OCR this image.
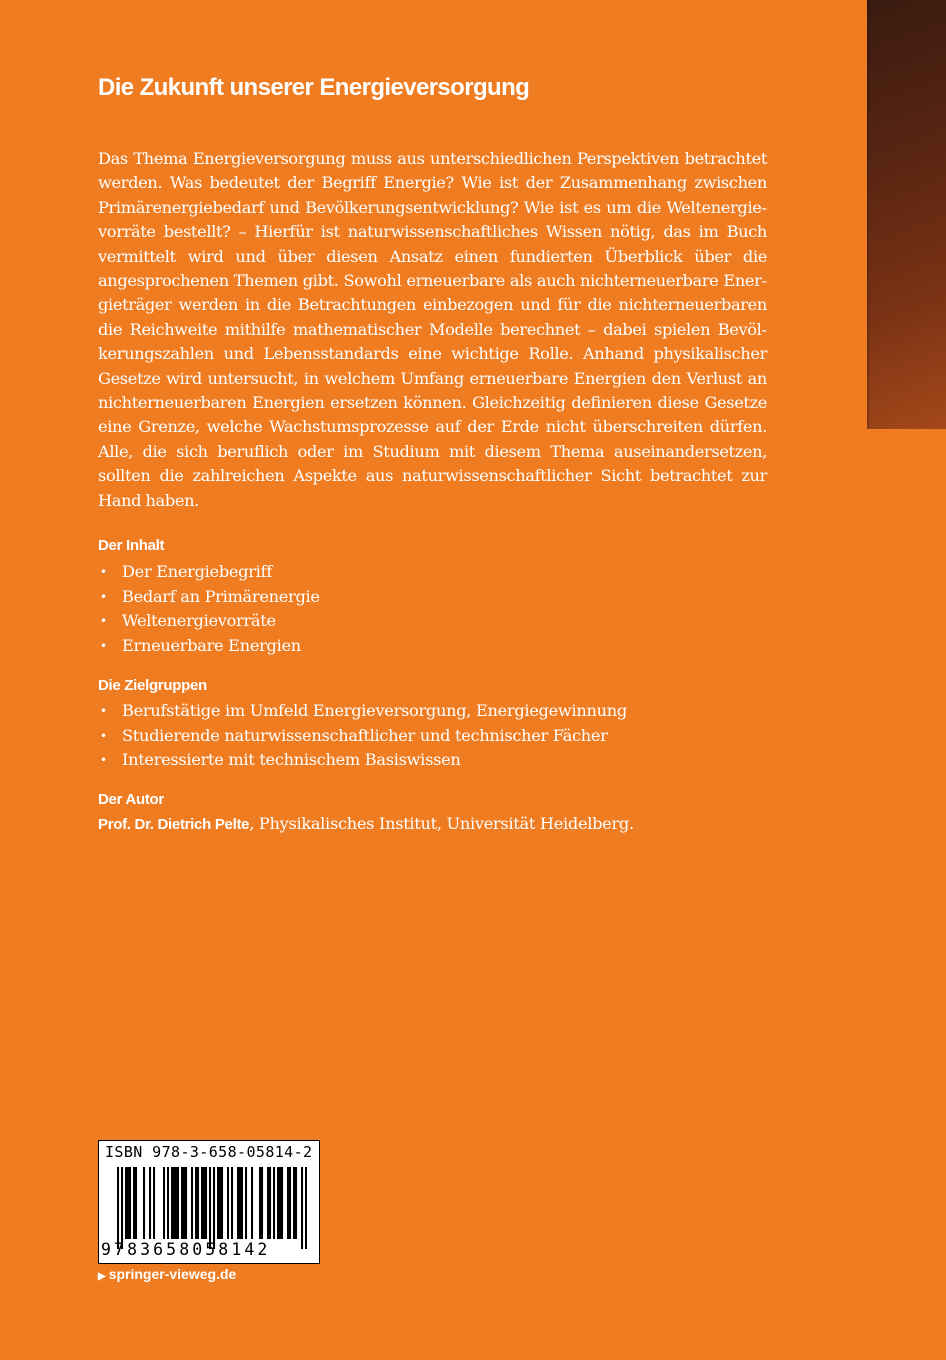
Die Zukunft unserer Energieversorgung

Das Thema Energieversorgung muss aus unterschiedlichen Perspektiven betrachtet werden. Was bedeutet der Begriff Energie? Wie ist der Zusammenhang zwischen Primärenergiebedarf und Bevölkerungsentwicklung? Wie ist es um die Weltenergievorräte bestellt? – Hierfür ist naturwissenschaftliches Wissen nötig, das im Buch vermittelt wird und über diesen Ansatz einen fundierten Überblick über die angesprochenen Themen gibt. Sowohl erneuerbare als auch nichterneuerbare Energieträger werden in die Betrachtungen einbezogen und für die nichterneuerbaren die Reichweite mithilfe mathematischer Modelle berechnet – dabei spielen Bevölkerungszahlen und Lebensstandards eine wichtige Rolle. Anhand physikalischer Gesetze wird untersucht, in welchem Umfang erneuerbare Energien den Verlust an nichterneuerbaren Energien ersetzen können. Gleichzeitig definieren diese Gesetze eine Grenze, welche Wachstumsprozesse auf der Erde nicht überschreiten dürfen. Alle, die sich beruflich oder im Studium mit diesem Thema auseinandersetzen, sollten die zahlreichen Aspekte aus naturwissenschaftlicher Sicht betrachtet zur Hand haben.

Der Inhalt
• Der Energiebegriff
• Bedarf an Primärenergie
• Weltenergievorräte
• Erneuerbare Energien
Die Zielgruppen
• Berufstätige im Umfeld Energieversorgung, Energiegewinnung
• Studierende naturwissenschaftlicher und technischer Fächer
• Interessierte mit technischem Basiswissen
Der Autor

Prof. Dr. Dietrich Pelte, Physikalisches Institut, Universität Heidelberg.

ISBN 978-3-658-05814-2

9783658058142

▶ springer-vieweg.de
